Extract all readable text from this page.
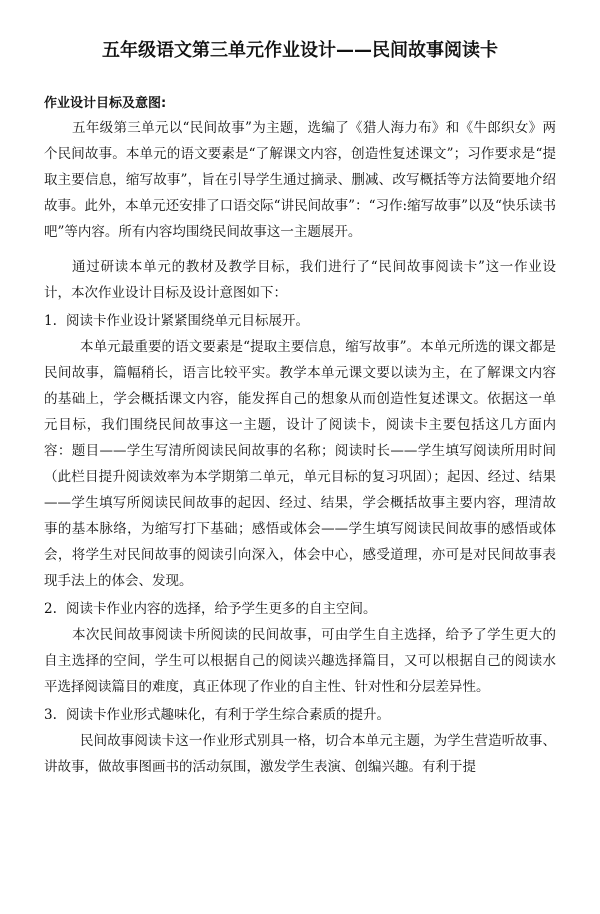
五年级语文第三单元作业设计——民间故事阅读卡
作业设计目标及意图:

五年级第三单元以“民间故事”为主题，选编了《猎人海力布》和《牛郎织女》两个民间故事。本单元的语文要素是“了解课文内容，创造性复述课文”；习作要求是“提取主要信息，缩写故事”，旨在引导学生通过摘录、删减、改写概括等方法简要地介绍故事。此外，本单元还安排了口语交际“讲民间故事”：“习作:缩写故事”以及“快乐读书吧”等内容。所有内容均围绕民间故事这一主题展开。

通过研读本单元的教材及教学目标，我们进行了“民间故事阅读卡”这一作业设计，本次作业设计目标及设计意图如下：

1. 阅读卡作业设计紧紧围绕单元目标展开。

本单元最重要的语文要素是“提取主要信息，缩写故事”。本单元所选的课文都是民间故事，篇幅稍长，语言比较平实。教学本单元课文要以读为主，在了解课文内容的基础上，学会概括课文内容，能发挥自己的想象从而创造性复述课文。依据这一单元目标，我们围绕民间故事这一主题，设计了阅读卡，阅读卡主要包括这几方面内容：题目——学生写清所阅读民间故事的名称；阅读时长——学生填写阅读所用时间（此栏目提升阅读效率为本学期第二单元，单元目标的复习巩固）；起因、经过、结果——学生填写所阅读民间故事的起因、经过、结果，学会概括故事主要内容，理清故事的基本脉络，为缩写打下基础；感悟或体会——学生填写阅读民间故事的感悟或体会，将学生对民间故事的阅读引向深入，体会中心，感受道理，亦可是对民间故事表现手法上的体会、发现。

2. 阅读卡作业内容的选择，给予学生更多的自主空间。

本次民间故事阅读卡所阅读的民间故事，可由学生自主选择，给予了学生更大的自主选择的空间，学生可以根据自己的阅读兴趣选择篇目，又可以根据自己的阅读水平选择阅读篇目的难度，真正体现了作业的自主性、针对性和分层差异性。

3. 阅读卡作业形式趣味化，有利于学生综合素质的提升。

民间故事阅读卡这一作业形式别具一格，切合本单元主题，为学生营造听故事、讲故事，做故事图画书的活动氛围，激发学生表演、创编兴趣。有利于提
